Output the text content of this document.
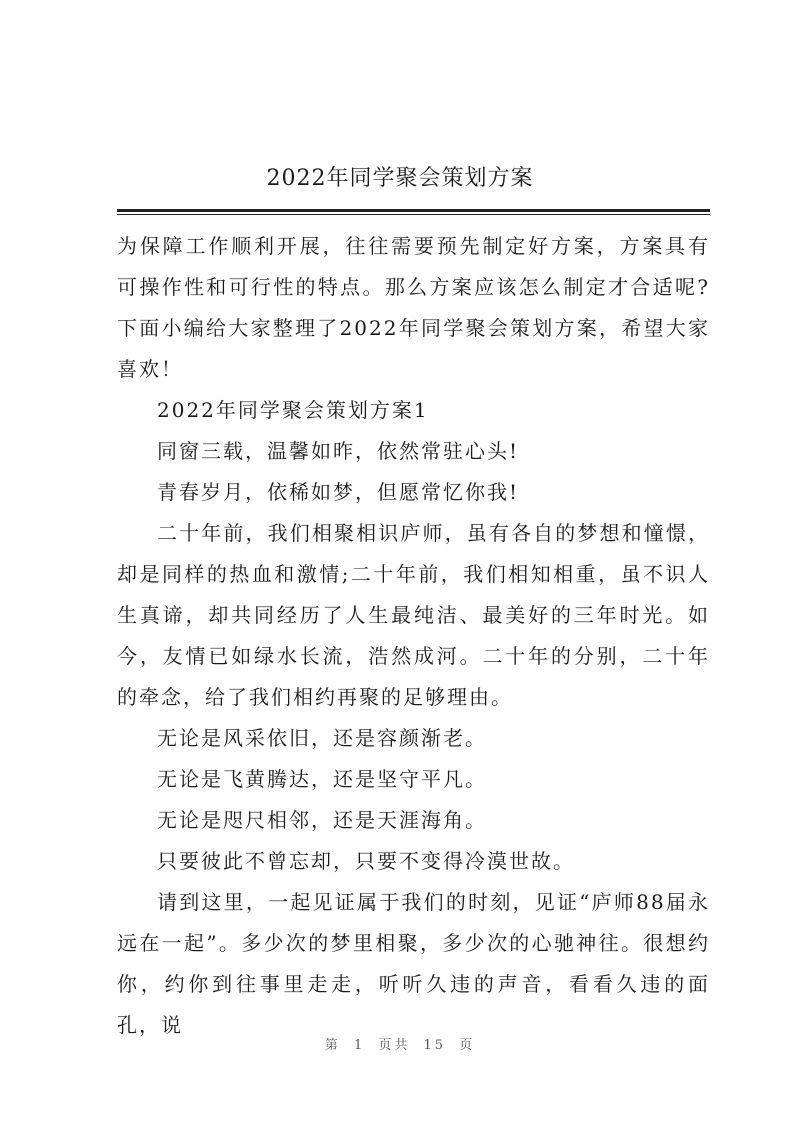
2022年同学聚会策划方案

为保障工作顺利开展，往往需要预先制定好方案，方案具有可操作性和可行性的特点。那么方案应该怎么制定才合适呢?下面小编给大家整理了2022年同学聚会策划方案，希望大家喜欢！

2022年同学聚会策划方案1

同窗三载，温馨如昨，依然常驻心头!

青春岁月，依稀如梦，但愿常忆你我!

二十年前，我们相聚相识庐师，虽有各自的梦想和憧憬，却是同样的热血和激情;二十年前，我们相知相重，虽不识人生真谛，却共同经历了人生最纯洁、最美好的三年时光。如今，友情已如绿水长流，浩然成河。二十年的分别，二十年的牵念，给了我们相约再聚的足够理由。

无论是风采依旧，还是容颜渐老。

无论是飞黄腾达，还是坚守平凡。

无论是咫尺相邻，还是天涯海角。

只要彼此不曾忘却，只要不变得冷漠世故。

请到这里，一起见证属于我们的时刻，见证“庐师88届永远在一起”。多少次的梦里相聚，多少次的心驰神往。很想约你，约你到往事里走走，听听久违的声音，看看久违的面孔，说

第 1 页共 15 页
